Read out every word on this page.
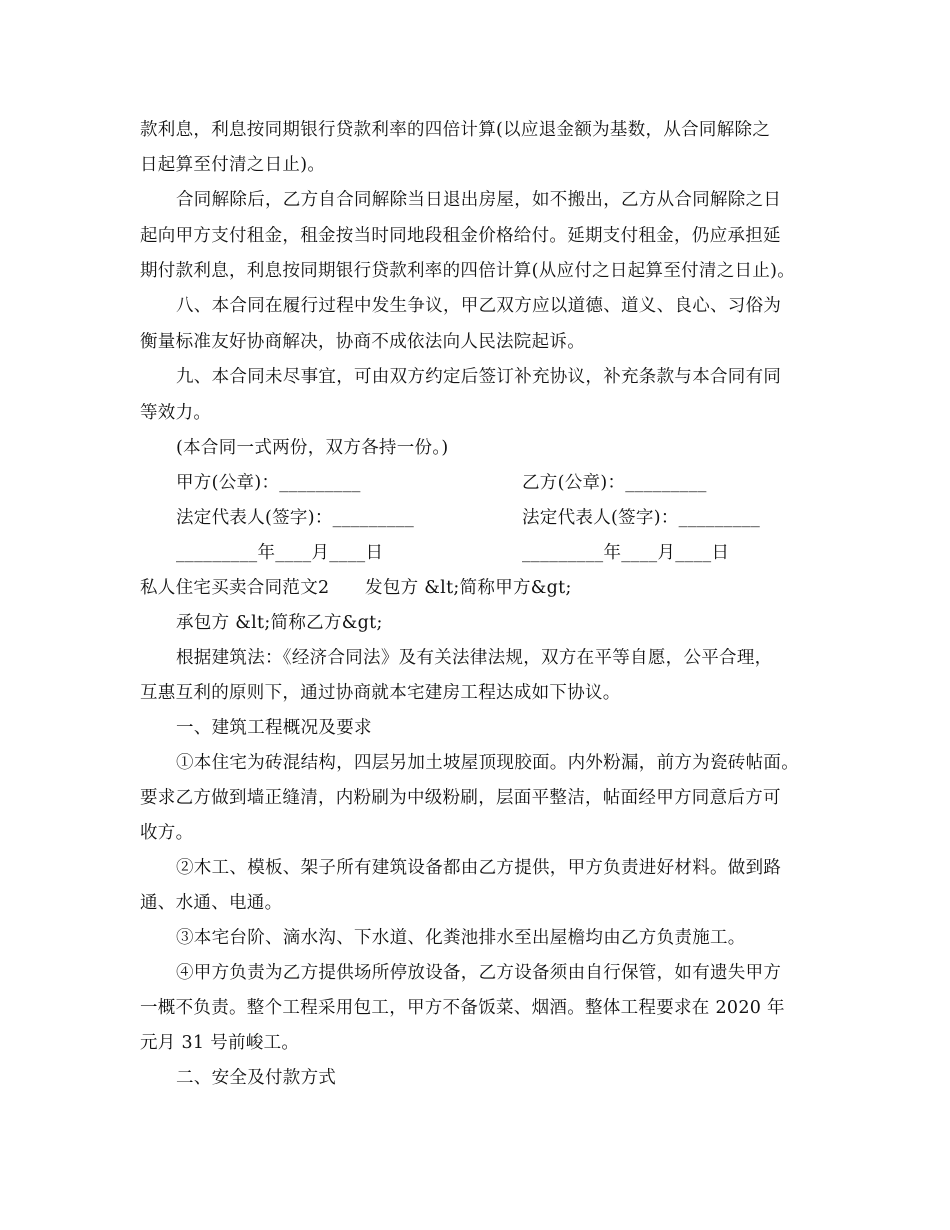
款利息，利息按同期银行贷款利率的四倍计算(以应退金额为基数，从合同解除之
日起算至付清之日止)。
合同解除后，乙方自合同解除当日退出房屋，如不搬出，乙方从合同解除之日
起向甲方支付租金，租金按当时同地段租金价格给付。延期支付租金，仍应承担延
期付款利息，利息按同期银行贷款利率的四倍计算(从应付之日起算至付清之日止)。
八、本合同在履行过程中发生争议，甲乙双方应以道德、道义、良心、习俗为
衡量标准友好协商解决，协商不成依法向人民法院起诉。
九、本合同未尽事宜，可由双方约定后签订补充协议，补充条款与本合同有同
等效力。
(本合同一式两份，双方各持一份。)
甲方(公章)：_________	乙方(公章)：_________
法定代表人(签字)：_________	法定代表人(签字)：_________
_________年____月____日	_________年____月____日
私人住宅买卖合同范文2　　发包方 &lt;简称甲方&gt;
承包方 &lt;简称乙方&gt;
根据建筑法：《经济合同法》及有关法律法规，双方在平等自愿，公平合理，
互惠互利的原则下，通过协商就本宅建房工程达成如下协议。
一、建筑工程概况及要求
①本住宅为砖混结构，四层另加土坡屋顶现胶面。内外粉漏，前方为瓷砖帖面。
要求乙方做到墙正缝清，内粉刷为中级粉刷，层面平整洁，帖面经甲方同意后方可
收方。
②木工、模板、架子所有建筑设备都由乙方提供，甲方负责进好材料。做到路
通、水通、电通。
③本宅台阶、滴水沟、下水道、化粪池排水至出屋檐均由乙方负责施工。
④甲方负责为乙方提供场所停放设备，乙方设备须由自行保管，如有遗失甲方
一概不负责。整个工程采用包工，甲方不备饭菜、烟酒。整体工程要求在 2020 年
元月 31 号前峻工。
二、安全及付款方式
